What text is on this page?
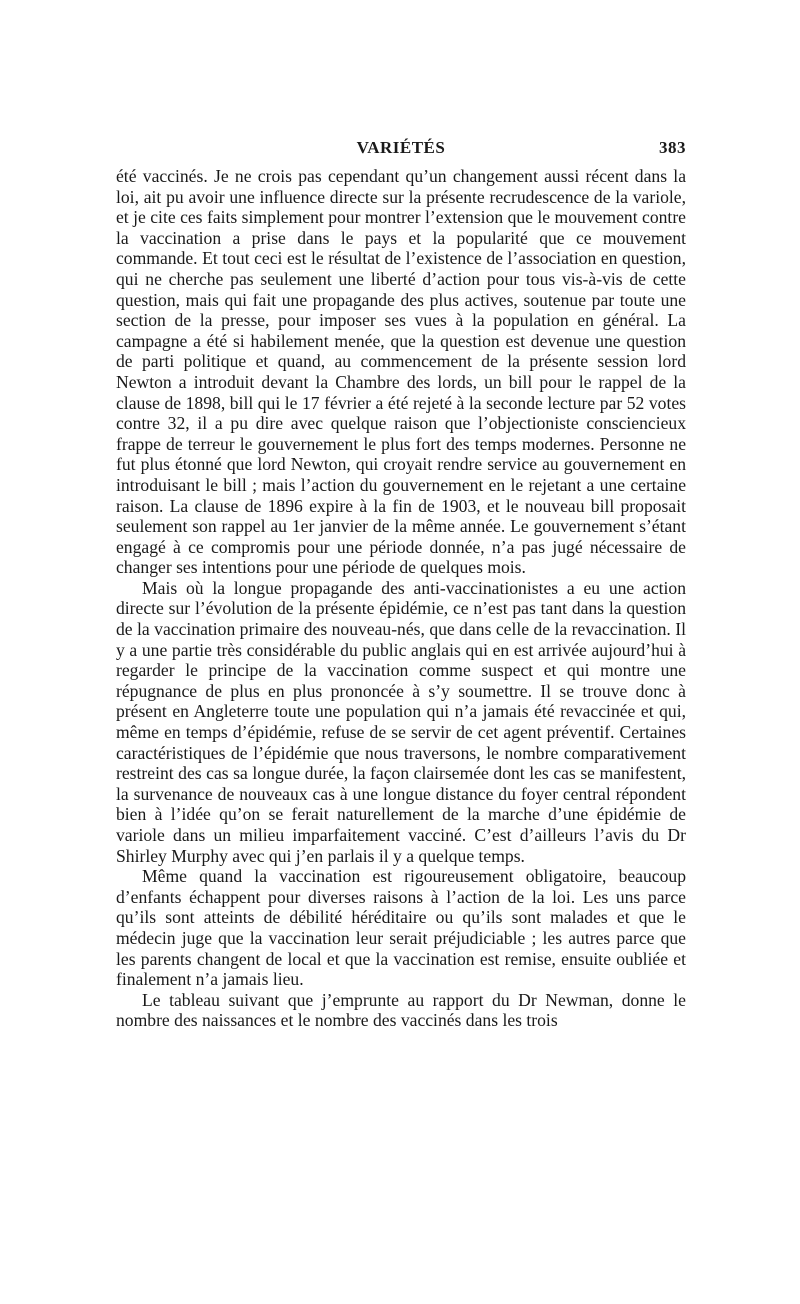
VARIÉTÉS	383

été vaccinés. Je ne crois pas cependant qu’un changement aussi récent dans la loi, ait pu avoir une influence directe sur la présente recrudescence de la variole, et je cite ces faits simplement pour montrer l’extension que le mouvement contre la vaccination a prise dans le pays et la popularité que ce mouvement commande. Et tout ceci est le résultat de l’existence de l’association en question, qui ne cherche pas seulement une liberté d’action pour tous vis-à-vis de cette question, mais qui fait une propagande des plus actives, soutenue par toute une section de la presse, pour imposer ses vues à la population en général. La campagne a été si habilement menée, que la question est devenue une question de parti politique et quand, au commencement de la présente session lord Newton a introduit devant la Chambre des lords, un bill pour le rappel de la clause de 1898, bill qui le 17 février a été rejeté à la seconde lecture par 52 votes contre 32, il a pu dire avec quelque raison que l’objectioniste consciencieux frappe de terreur le gouvernement le plus fort des temps modernes. Personne ne fut plus étonné que lord Newton, qui croyait rendre service au gouvernement en introduisant le bill ; mais l’action du gouvernement en le rejetant a une certaine raison. La clause de 1896 expire à la fin de 1903, et le nouveau bill proposait seulement son rappel au 1er janvier de la même année. Le gouvernement s’étant engagé à ce compromis pour une période donnée, n’a pas jugé nécessaire de changer ses intentions pour une période de quelques mois.

Mais où la longue propagande des anti-vaccinationistes a eu une action directe sur l’évolution de la présente épidémie, ce n’est pas tant dans la question de la vaccination primaire des nouveau-nés, que dans celle de la revaccination. Il y a une partie très considérable du public anglais qui en est arrivée aujourd’hui à regarder le principe de la vaccination comme suspect et qui montre une répugnance de plus en plus prononcée à s’y soumettre. Il se trouve donc à présent en Angleterre toute une population qui n’a jamais été revaccinée et qui, même en temps d’épidémie, refuse de se servir de cet agent préventif. Certaines caractéristiques de l’épidémie que nous traversons, le nombre comparativement restreint des cas sa longue durée, la façon clairsemée dont les cas se manifestent, la survenance de nouveaux cas à une longue distance du foyer central répondent bien à l’idée qu’on se ferait naturellement de la marche d’une épidémie de variole dans un milieu imparfaitement vacciné. C’est d’ailleurs l’avis du Dr Shirley Murphy avec qui j’en parlais il y a quelque temps.

Même quand la vaccination est rigoureusement obligatoire, beaucoup d’enfants échappent pour diverses raisons à l’action de la loi. Les uns parce qu’ils sont atteints de débilité héréditaire ou qu’ils sont malades et que le médecin juge que la vaccination leur serait préjudiciable ; les autres parce que les parents changent de local et que la vaccination est remise, ensuite oubliée et finalement n’a jamais lieu.

Le tableau suivant que j’emprunte au rapport du Dr Newman, donne le nombre des naissances et le nombre des vaccinés dans les trois
